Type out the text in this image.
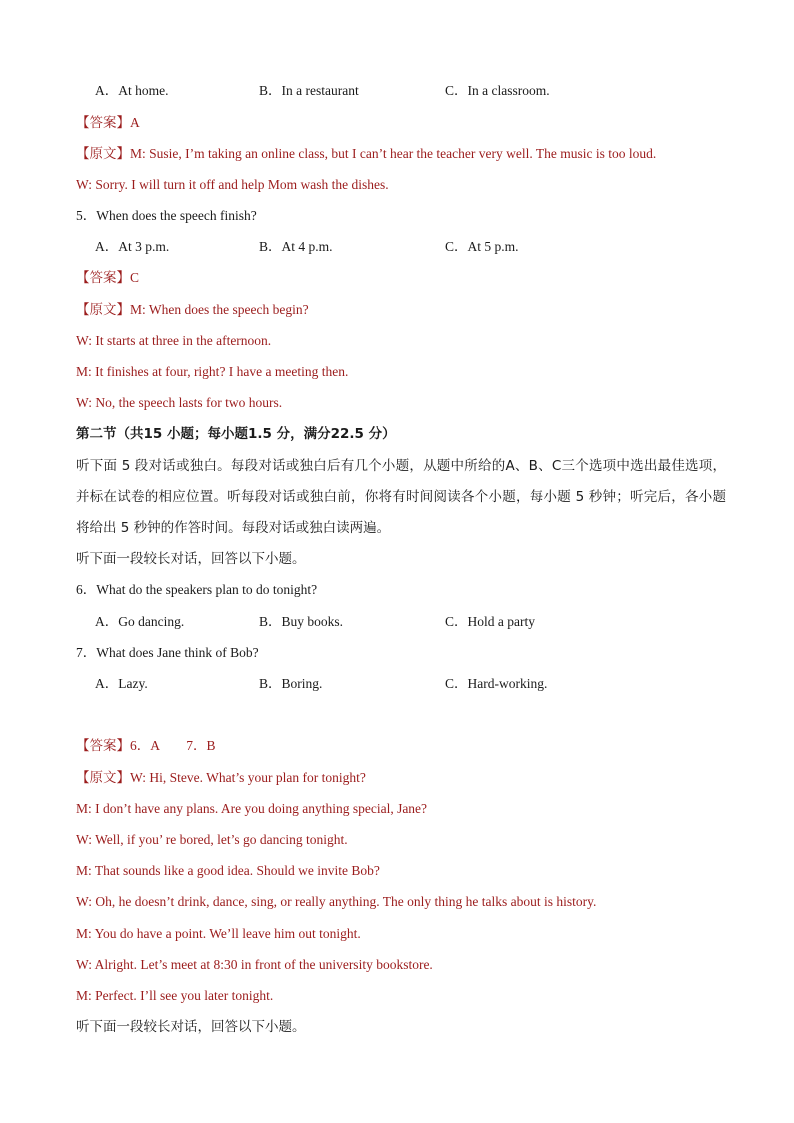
A．At home.	B．In a restaurant	C．In a classroom.
【答案】A
【原文】M: Susie, I’m taking an online class, but I can’t hear the teacher very well. The music is too loud.
W: Sorry. I will turn it off and help Mom wash the dishes.
5．When does the speech finish?
A．At 3 p.m.	B．At 4 p.m.	C．At 5 p.m.
【答案】C
【原文】M: When does the speech begin?
W: It starts at three in the afternoon.
M: It finishes at four, right? I have a meeting then.
W: No, the speech lasts for two hours.
第二节（共15 小题；每小题1.5 分，满分22.5 分）
听下面 5 段对话或独白。每段对话或独白后有几个小题，从题中所给的A、B、C三个选项中选出最佳选项，并标在试卷的相应位置。听每段对话或独白前，你将有时间阅读各个小题，每小题 5 秒钟；听完后，各小题将给出 5 秒钟的作答时间。每段对话或独白读两遍。
听下面一段较长对话，回答以下小题。
6．What do the speakers plan to do tonight?
A．Go dancing.	B．Buy books.	C．Hold a party
7．What does Jane think of Bob?
A．Lazy.	B．Boring.	C．Hard-working.
【答案】6．A　　7．B
【原文】W: Hi, Steve. What’s your plan for tonight?
M: I don’t have any plans. Are you doing anything special, Jane?
W: Well, if you’ re bored, let’s go dancing tonight.
M: That sounds like a good idea. Should we invite Bob?
W: Oh, he doesn’t drink, dance, sing, or really anything. The only thing he talks about is history.
M: You do have a point. We’ll leave him out tonight.
W: Alright. Let’s meet at 8:30 in front of the university bookstore.
M: Perfect. I’ll see you later tonight.
听下面一段较长对话，回答以下小题。
